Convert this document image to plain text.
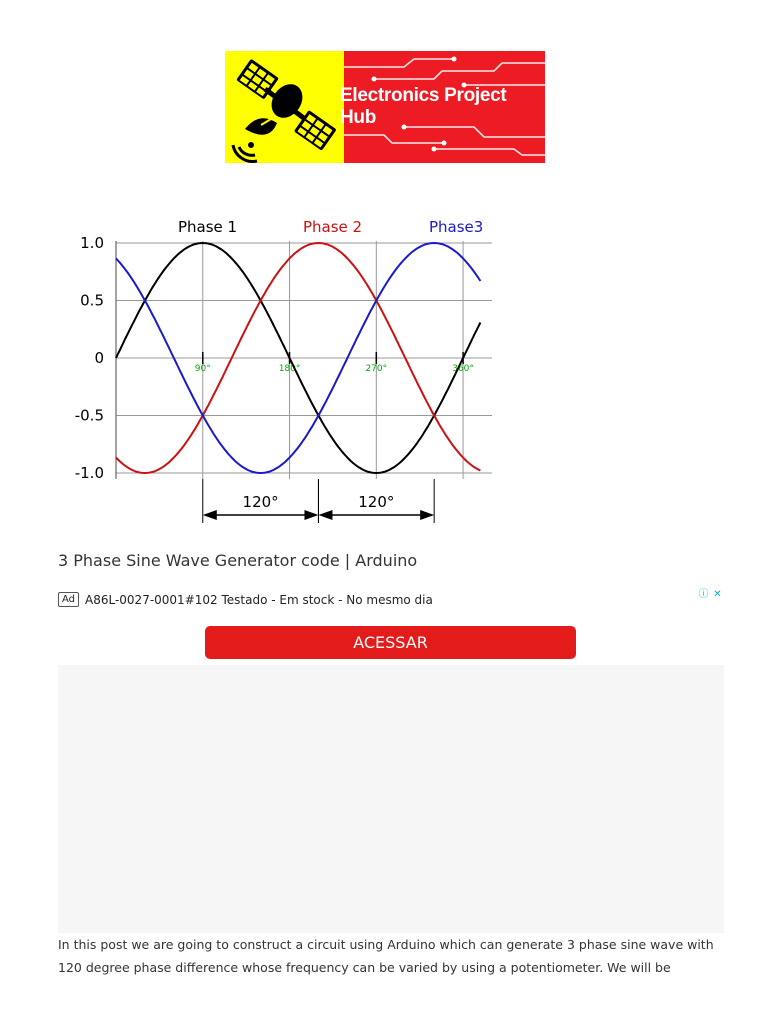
Electronics Project Hub
1.0
0.5
0
-0.5
-1.0
90°	180°	270°	360°
Phase 1	Phase 2	Phase3
120°	120°
3 Phase Sine Wave Generator code | Arduino
Ad A86L-0027-0001#102 Testado - Em stock - No mesmo dia	ⓘ ✕
ACESSAR
In this post we are going to construct a circuit using Arduino which can generate 3 phase sine wave with 120 degree phase difference whose frequency can be varied by using a potentiometer. We will be
